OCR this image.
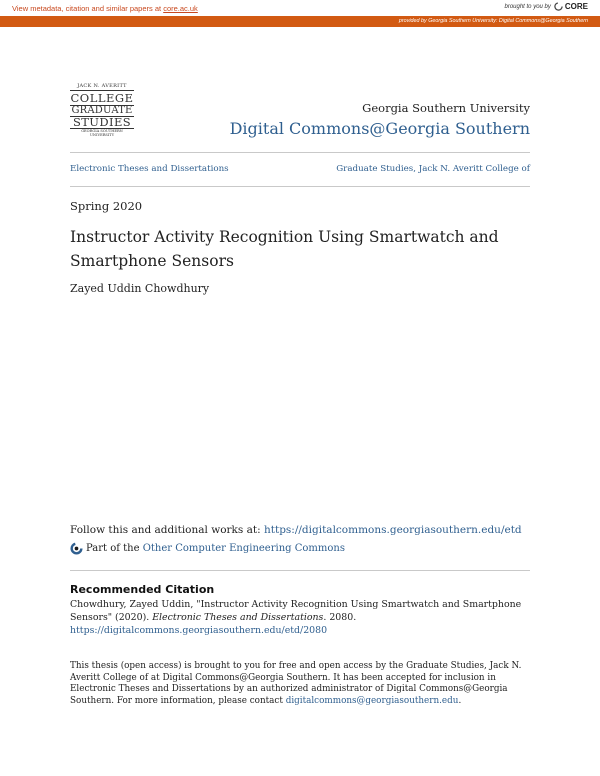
View metadata, citation and similar papers at core.ac.uk	brought to you by CORE
provided by Georgia Southern University: Digital Commons@Georgia Southern
JACK N. AVERITT
COLLEGE
GRADUATE
STUDIES
GEORGIA SOUTHERN UNIVERSITY
Georgia Southern University
Digital Commons@Georgia Southern
Electronic Theses and Dissertations	Graduate Studies, Jack N. Averitt College of
Spring 2020
Instructor Activity Recognition Using Smartwatch and Smartphone Sensors
Zayed Uddin Chowdhury
Follow this and additional works at: https://digitalcommons.georgiasouthern.edu/etd
Part of the Other Computer Engineering Commons
Recommended Citation
Chowdhury, Zayed Uddin, "Instructor Activity Recognition Using Smartwatch and Smartphone Sensors" (2020). Electronic Theses and Dissertations. 2080.
https://digitalcommons.georgiasouthern.edu/etd/2080
This thesis (open access) is brought to you for free and open access by the Graduate Studies, Jack N. Averitt College of at Digital Commons@Georgia Southern. It has been accepted for inclusion in Electronic Theses and Dissertations by an authorized administrator of Digital Commons@Georgia Southern. For more information, please contact digitalcommons@georgiasouthern.edu.
